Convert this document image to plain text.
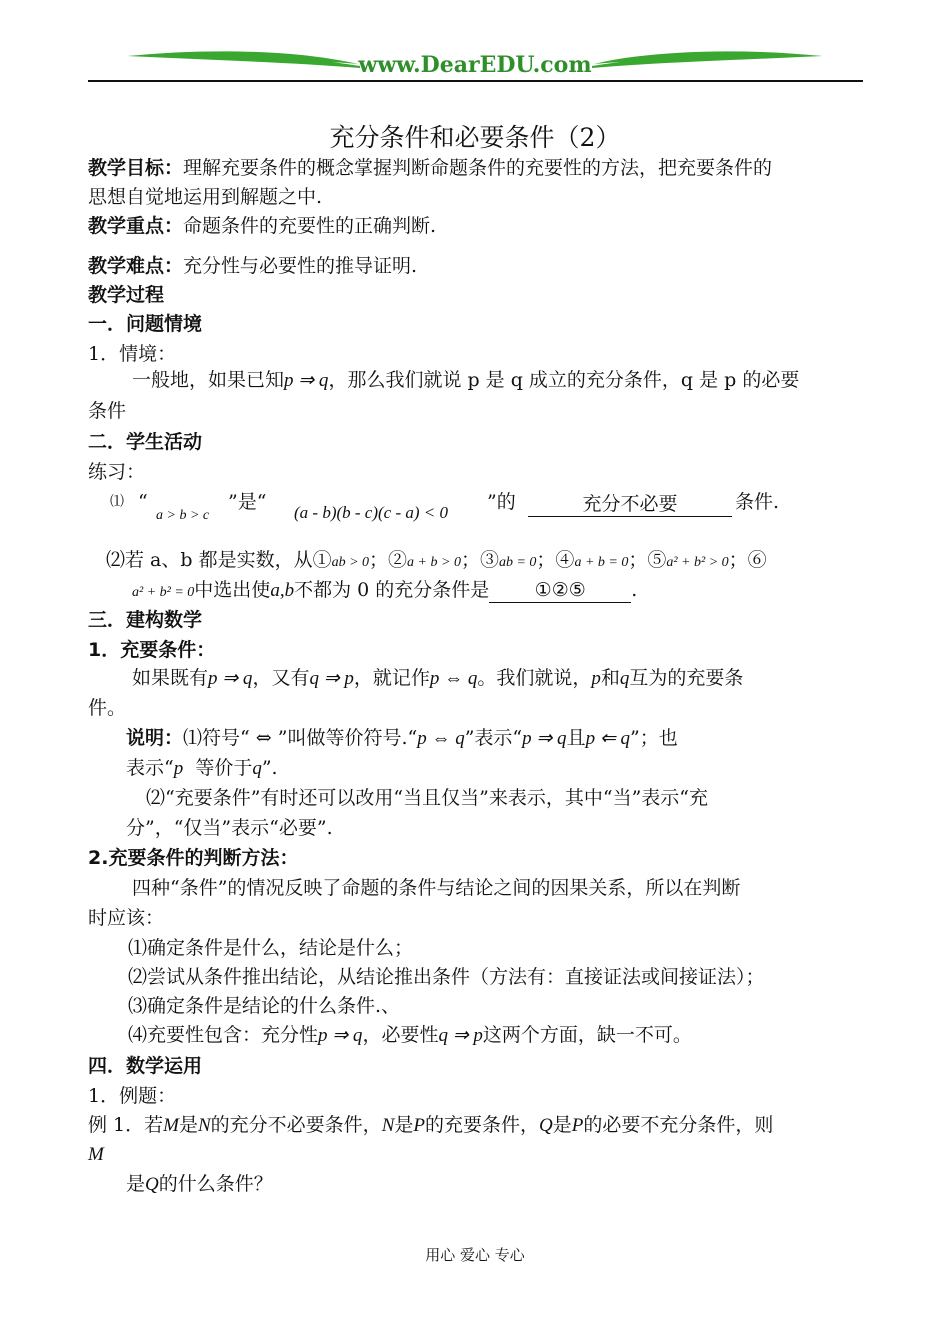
www.DearEDU.com
充分条件和必要条件（2）
教学目标：理解充要条件的概念掌握判断命题条件的充要性的方法，把充要条件的
思想自觉地运用到解题之中.
教学重点：命题条件的充要性的正确判断.
教学难点：充分性与必要性的推导证明.
教学过程
一．问题情境
1．情境：
一般地，如果已知p ⇒ q，那么我们就说 p 是 q 成立的充分条件，q 是 p 的必要
条件
二．学生活动
练习：
⑴ “
a > b > c
”是“ (a - b)(b - c)(c - a) < 0 ”的	充分不必要	条件.
⑵若 a、b 都是实数，从①ab > 0；②a + b > 0；③ab = 0；④a + b = 0；⑤a² + b² > 0；⑥
a² + b² = 0中选出使a,b不都为 0 的充分条件是 ①②⑤ .
三．建构数学
1．充要条件：
如果既有p ⇒ q，又有q ⇒ p，就记作p ⇔ q。我们就说，p和q互为的充要条
件。
说明：⑴符号“ ⇔ ”叫做等价符号.“p ⇔ q”表示“p ⇒ q且p ⇐ q”；也
表示“p 等价于q”.
⑵“充要条件”有时还可以改用“当且仅当”来表示，其中“当”表示“充
分”，“仅当”表示“必要”.
2.充要条件的判断方法：
四种“条件”的情况反映了命题的条件与结论之间的因果关系，所以在判断
时应该：
⑴确定条件是什么，结论是什么；
⑵尝试从条件推出结论，从结论推出条件（方法有：直接证法或间接证法）；
⑶确定条件是结论的什么条件.、
⑷充要性包含：充分性p ⇒ q，必要性q ⇒ p这两个方面，缺一不可。
四．数学运用
1．例题：
例 1．若M是N的充分不必要条件，N是P的充要条件，Q是P的必要不充分条件，则
M
是Q的什么条件？
用心 爱心 专心
